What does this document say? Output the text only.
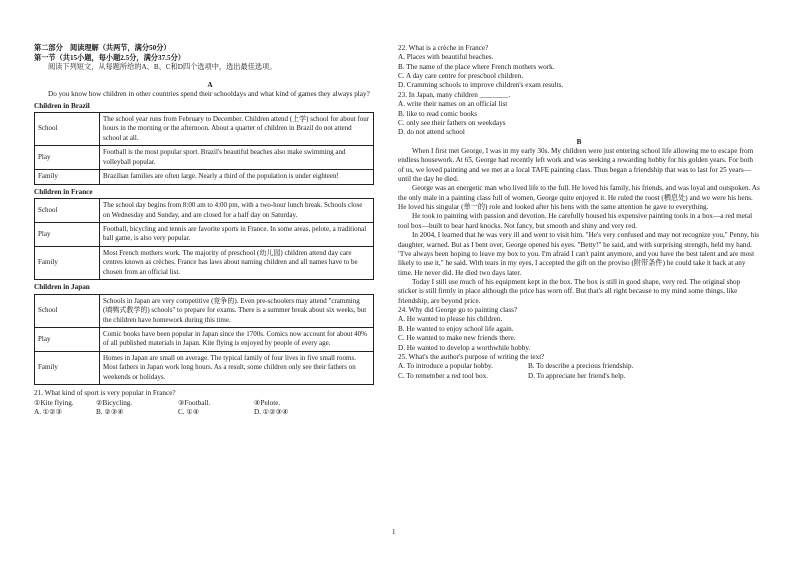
第二部分　阅读理解（共两节，满分50分）

第一节（共15小题，每小题2.5分，满分37.5分）

阅读下列短文，从每题所给的A、B、C和D四个选项中，选出最佳选项。

A

Do you know how children in other countries spend their schooldays and what kind of games they always play?

Children in Brazil

School	The school year runs from February to December. Children attend (上学) school for about four hours in the morning or the afternoon. About a quarter of children in Brazil do not attend school at all.
Play	Football is the most popular sport. Brazil's beautiful beaches also make swimming and volleyball popular.
Family	Brazilian families are often large. Nearly a third of the population is under eighteen!

Children in France

School	The school day begins from 8:00 am to 4:00 pm, with a two-hour lunch break. Schools close on Wednesday and Sunday, and are closed for a half day on Saturday.
Play	Football, bicycling and tennis are favorite sports in France. In some areas, pelote, a traditional ball game, is also very popular.
Family	Most French mothers work. The majority of preschool (幼儿园) children attend day care centres known as crèches. France has laws about naming children and all names have to be chosen from an official list.

Children in Japan

School	Schools in Japan are very competitive (竞争的). Even pre-schoolers may attend "cramming (填鸭式教学的) schools" to prepare for exams. There is a summer break about six weeks, but the children have homework during this time.
Play	Comic books have been popular in Japan since the 1700s. Comics now account for about 40% of all published materials in Japan. Kite flying is enjoyed by people of every age.
Family	Homes in Japan are small on average. The typical family of four lives in five small rooms. Most fathers in Japan work long hours. As a result, some children only see their fathers on weekends or holidays.

21. What kind of sport is very popular in France?

①Kite flying.	②Bicycling.	③Football.	④Pelote.
A. ①②③	B. ②③④	C. ①④	D. ①②③④

22. What is a crèche in France?

A. Places with beautiful beaches.

B. The name of the place where French mothers work.

C. A day care centre for preschool children.

D. Cramming schools to improve children's exam results.

23. In Japan, many children ________.

A. write their names on an official list

B. like to read comic books

C. only see their fathers on weekdays

D. do not attend school

B

When I first met George, I was in my early 30s. My children were just entering school life allowing me to escape from endless housework. At 65, George had recently left work and was seeking a rewarding hobby for his golden years. For both of us, we loved painting and we met at a local TAFE painting class. Thus began a friendship that was to last for 25 years—until the day he died.

George was an energetic man who lived life to the full. He loved his family, his friends, and was loyal and outspoken. As the only male in a painting class full of women, George quite enjoyed it. He ruled the roost (栖息处) and we were his hens. He loved his singular (单一的) role and looked after his hens with the same attention he gave to everything.

He took to painting with passion and devotion. He carefully housed his expensive painting tools in a box—a red metal tool box—built to bear hard knocks. Not fancy, but smooth and shiny and very red.

In 2004, I learned that he was very ill and went to visit him. "He's very confused and may not recognize you," Penny, his daughter, warned. But as I bent over, George opened his eyes. "Betty!" he said, and with surprising strength, held my hand. "I've always been hoping to leave my box to you. I'm afraid I can't paint anymore, and you have the best talent and are most likely to use it," he said. With tears in my eyes, I accepted the gift on the proviso (附带条件) he could take it back at any time. He never did. He died two days later.

Today I still use much of his equipment kept in the box. The box is still in good shape, very red. The original shop sticker is still firmly in place although the price has worn off. But that's all right because to my mind some things, like friendship, are beyond price.

24. Why did George go to painting class?

A. He wanted to please his children.

B. He wanted to enjoy school life again.

C. He wanted to make new friends there.

D. He wanted to develop a worthwhile hobby.

25. What's the author's purpose of writing the text?

A. To introduce a popular hobby.	B. To describe a precious friendship.
C. To remember a red tool box.	D. To appreciate her friend's help.
1
